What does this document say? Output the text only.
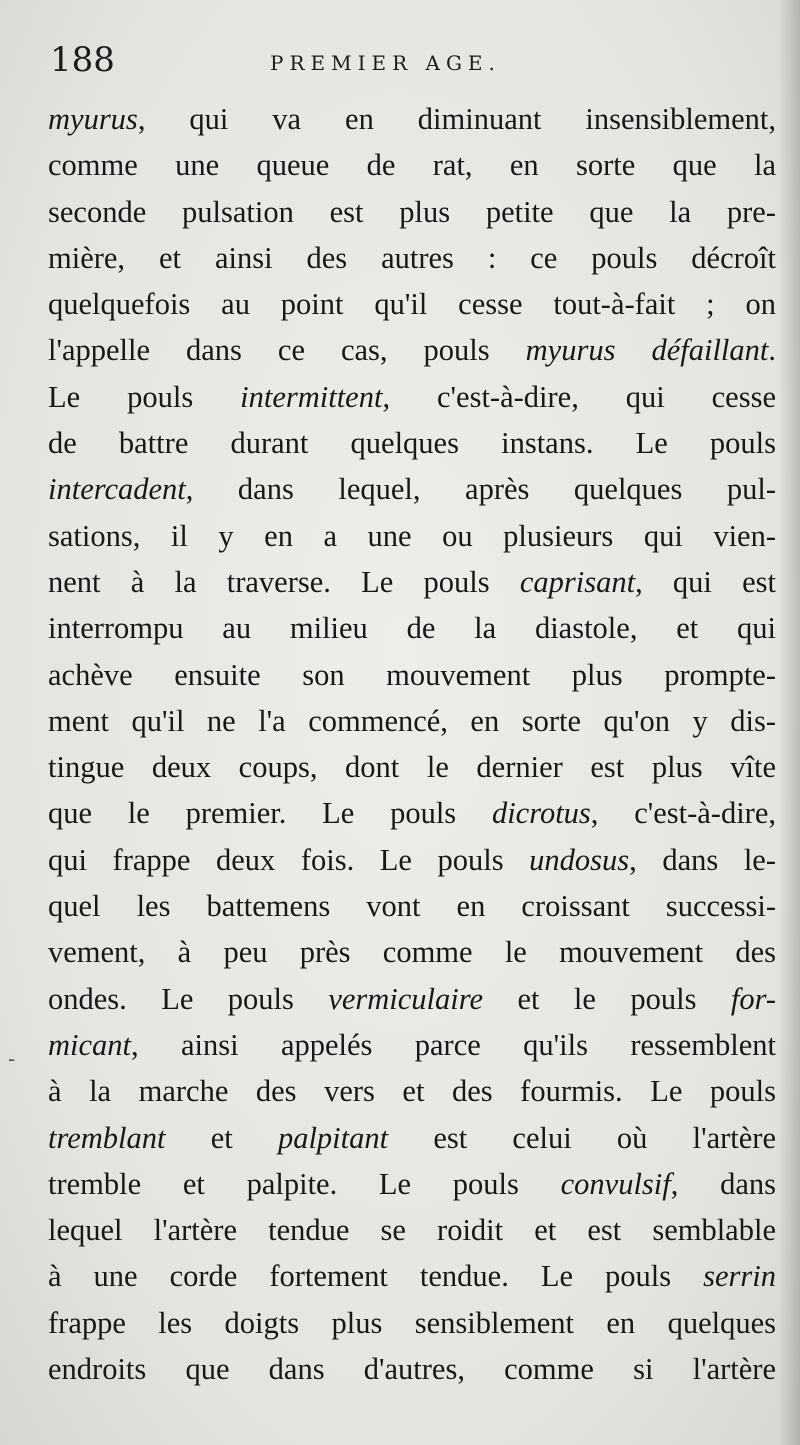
188	PREMIER AGE.
-
myurus, qui va en diminuant insensiblement,
comme une queue de rat, en sorte que la
seconde pulsation est plus petite que la pre-
mière, et ainsi des autres : ce pouls décroît
quelquefois au point qu'il cesse tout-à-fait ; on
l'appelle dans ce cas, pouls myurus défaillant.
Le pouls intermittent, c'est-à-dire, qui cesse
de battre durant quelques instans. Le pouls
intercadent, dans lequel, après quelques pul-
sations, il y en a une ou plusieurs qui vien-
nent à la traverse. Le pouls caprisant, qui est
interrompu au milieu de la diastole, et qui
achève ensuite son mouvement plus prompte-
ment qu'il ne l'a commencé, en sorte qu'on y dis-
tingue deux coups, dont le dernier est plus vîte
que le premier. Le pouls dicrotus, c'est-à-dire,
qui frappe deux fois. Le pouls undosus, dans le-
quel les battemens vont en croissant successi-
vement, à peu près comme le mouvement des
ondes. Le pouls vermiculaire et le pouls for-
micant, ainsi appelés parce qu'ils ressemblent
à la marche des vers et des fourmis. Le pouls
tremblant et palpitant est celui où l'artère
tremble et palpite. Le pouls convulsif, dans
lequel l'artère tendue se roidit et est semblable
à une corde fortement tendue. Le pouls serrin
frappe les doigts plus sensiblement en quelques
endroits que dans d'autres, comme si l'artère
